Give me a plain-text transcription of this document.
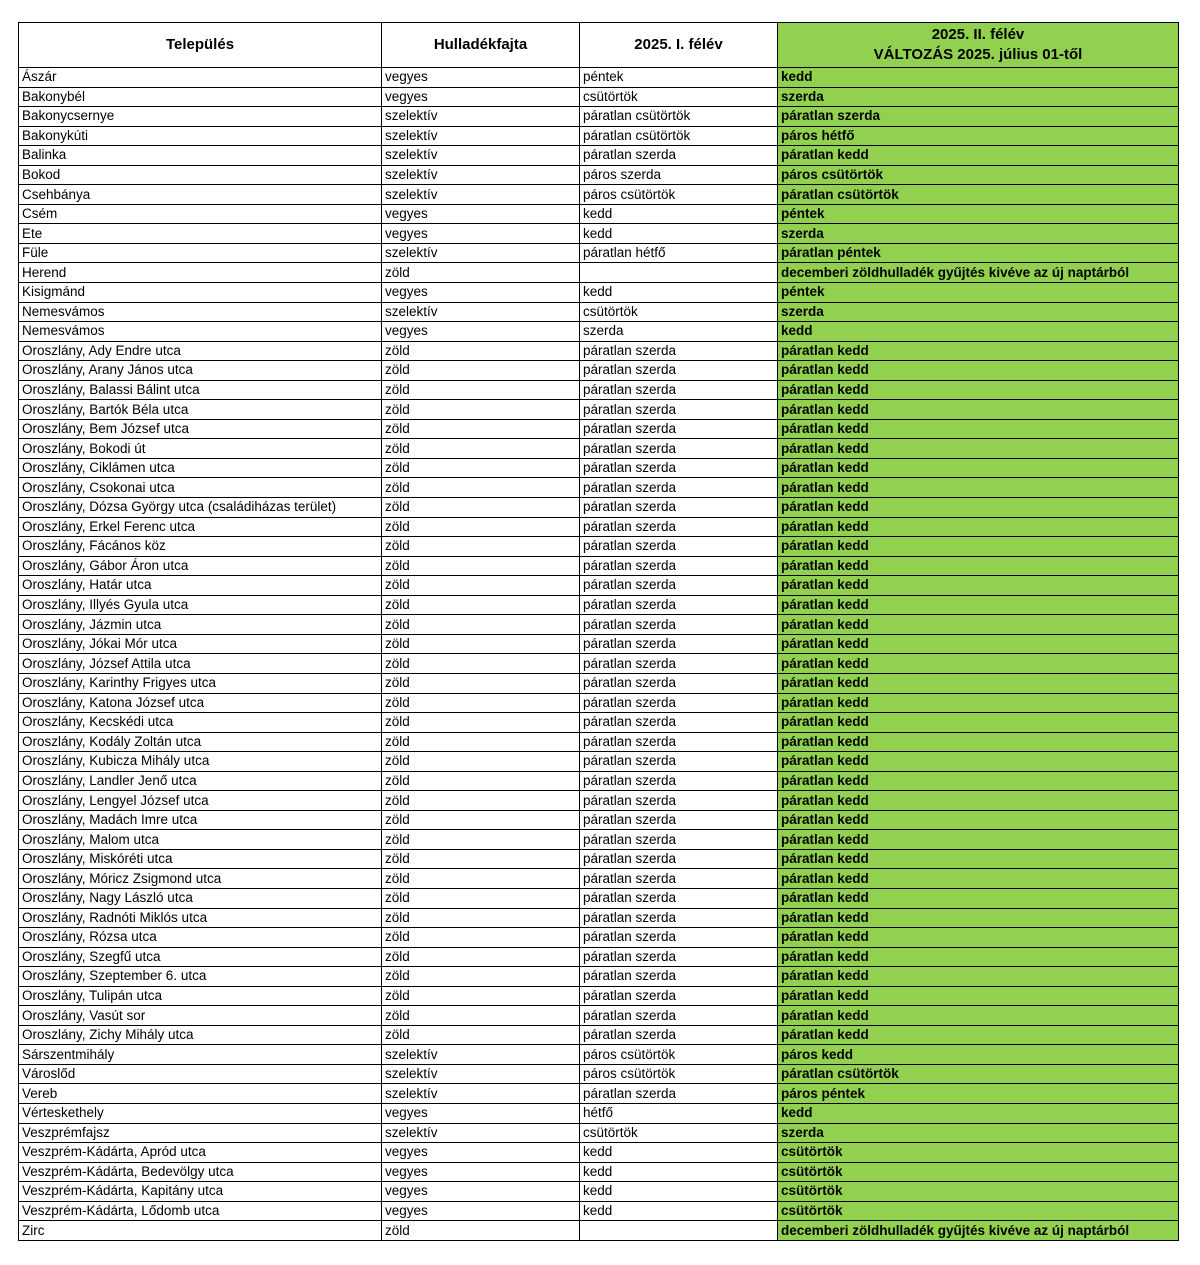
Település	Hulladékfajta	2025. I. félév	2025. II. félév
VÁLTOZÁS 2025. július 01-től

Ászár	vegyes	péntek	kedd
Bakonybél	vegyes	csütörtök	szerda
Bakonycsernye	szelektív	páratlan csütörtök	páratlan szerda
Bakonykúti	szelektív	páratlan csütörtök	páros hétfő
Balinka	szelektív	páratlan szerda	páratlan kedd
Bokod	szelektív	páros szerda	páros csütörtök
Csehbánya	szelektív	páros csütörtök	páratlan csütörtök
Csém	vegyes	kedd	péntek
Ete	vegyes	kedd	szerda
Füle	szelektív	páratlan hétfő	páratlan péntek
Herend	zöld		decemberi zöldhulladék gyűjtés kivéve az új naptárból
Kisigmánd	vegyes	kedd	péntek
Nemesvámos	szelektív	csütörtök	szerda
Nemesvámos	vegyes	szerda	kedd
Oroszlány, Ady Endre utca	zöld	páratlan szerda	páratlan kedd
Oroszlány, Arany János utca	zöld	páratlan szerda	páratlan kedd
Oroszlány, Balassi Bálint utca	zöld	páratlan szerda	páratlan kedd
Oroszlány, Bartók Béla utca	zöld	páratlan szerda	páratlan kedd
Oroszlány, Bem József utca	zöld	páratlan szerda	páratlan kedd
Oroszlány, Bokodi út	zöld	páratlan szerda	páratlan kedd
Oroszlány, Ciklámen utca	zöld	páratlan szerda	páratlan kedd
Oroszlány, Csokonai utca	zöld	páratlan szerda	páratlan kedd
Oroszlány, Dózsa György utca (családiházas terület)	zöld	páratlan szerda	páratlan kedd
Oroszlány, Erkel Ferenc utca	zöld	páratlan szerda	páratlan kedd
Oroszlány, Fácános köz	zöld	páratlan szerda	páratlan kedd
Oroszlány, Gábor Áron utca	zöld	páratlan szerda	páratlan kedd
Oroszlány, Határ utca	zöld	páratlan szerda	páratlan kedd
Oroszlány, Illyés Gyula utca	zöld	páratlan szerda	páratlan kedd
Oroszlány, Jázmin utca	zöld	páratlan szerda	páratlan kedd
Oroszlány, Jókai Mór utca	zöld	páratlan szerda	páratlan kedd
Oroszlány, József Attila utca	zöld	páratlan szerda	páratlan kedd
Oroszlány, Karinthy Frigyes utca	zöld	páratlan szerda	páratlan kedd
Oroszlány, Katona József utca	zöld	páratlan szerda	páratlan kedd
Oroszlány, Kecskédi utca	zöld	páratlan szerda	páratlan kedd
Oroszlány, Kodály Zoltán utca	zöld	páratlan szerda	páratlan kedd
Oroszlány, Kubicza Mihály utca	zöld	páratlan szerda	páratlan kedd
Oroszlány, Landler Jenő utca	zöld	páratlan szerda	páratlan kedd
Oroszlány, Lengyel József utca	zöld	páratlan szerda	páratlan kedd
Oroszlány, Madách Imre utca	zöld	páratlan szerda	páratlan kedd
Oroszlány, Malom utca	zöld	páratlan szerda	páratlan kedd
Oroszlány, Miskóréti utca	zöld	páratlan szerda	páratlan kedd
Oroszlány, Móricz Zsigmond utca	zöld	páratlan szerda	páratlan kedd
Oroszlány, Nagy László utca	zöld	páratlan szerda	páratlan kedd
Oroszlány, Radnóti Miklós utca	zöld	páratlan szerda	páratlan kedd
Oroszlány, Rózsa utca	zöld	páratlan szerda	páratlan kedd
Oroszlány, Szegfű utca	zöld	páratlan szerda	páratlan kedd
Oroszlány, Szeptember 6. utca	zöld	páratlan szerda	páratlan kedd
Oroszlány, Tulipán utca	zöld	páratlan szerda	páratlan kedd
Oroszlány, Vasút sor	zöld	páratlan szerda	páratlan kedd
Oroszlány, Zichy Mihály utca	zöld	páratlan szerda	páratlan kedd
Sárszentmihály	szelektív	páros csütörtök	páros kedd
Városlőd	szelektív	páros csütörtök	páratlan csütörtök
Vereb	szelektív	páratlan szerda	páros péntek
Vérteskethely	vegyes	hétfő	kedd
Veszprémfajsz	szelektív	csütörtök	szerda
Veszprém-Kádárta, Apród utca	vegyes	kedd	csütörtök
Veszprém-Kádárta, Bedevölgy utca	vegyes	kedd	csütörtök
Veszprém-Kádárta, Kapitány utca	vegyes	kedd	csütörtök
Veszprém-Kádárta, Lődomb utca	vegyes	kedd	csütörtök
Zirc	zöld		decemberi zöldhulladék gyűjtés kivéve az új naptárból
